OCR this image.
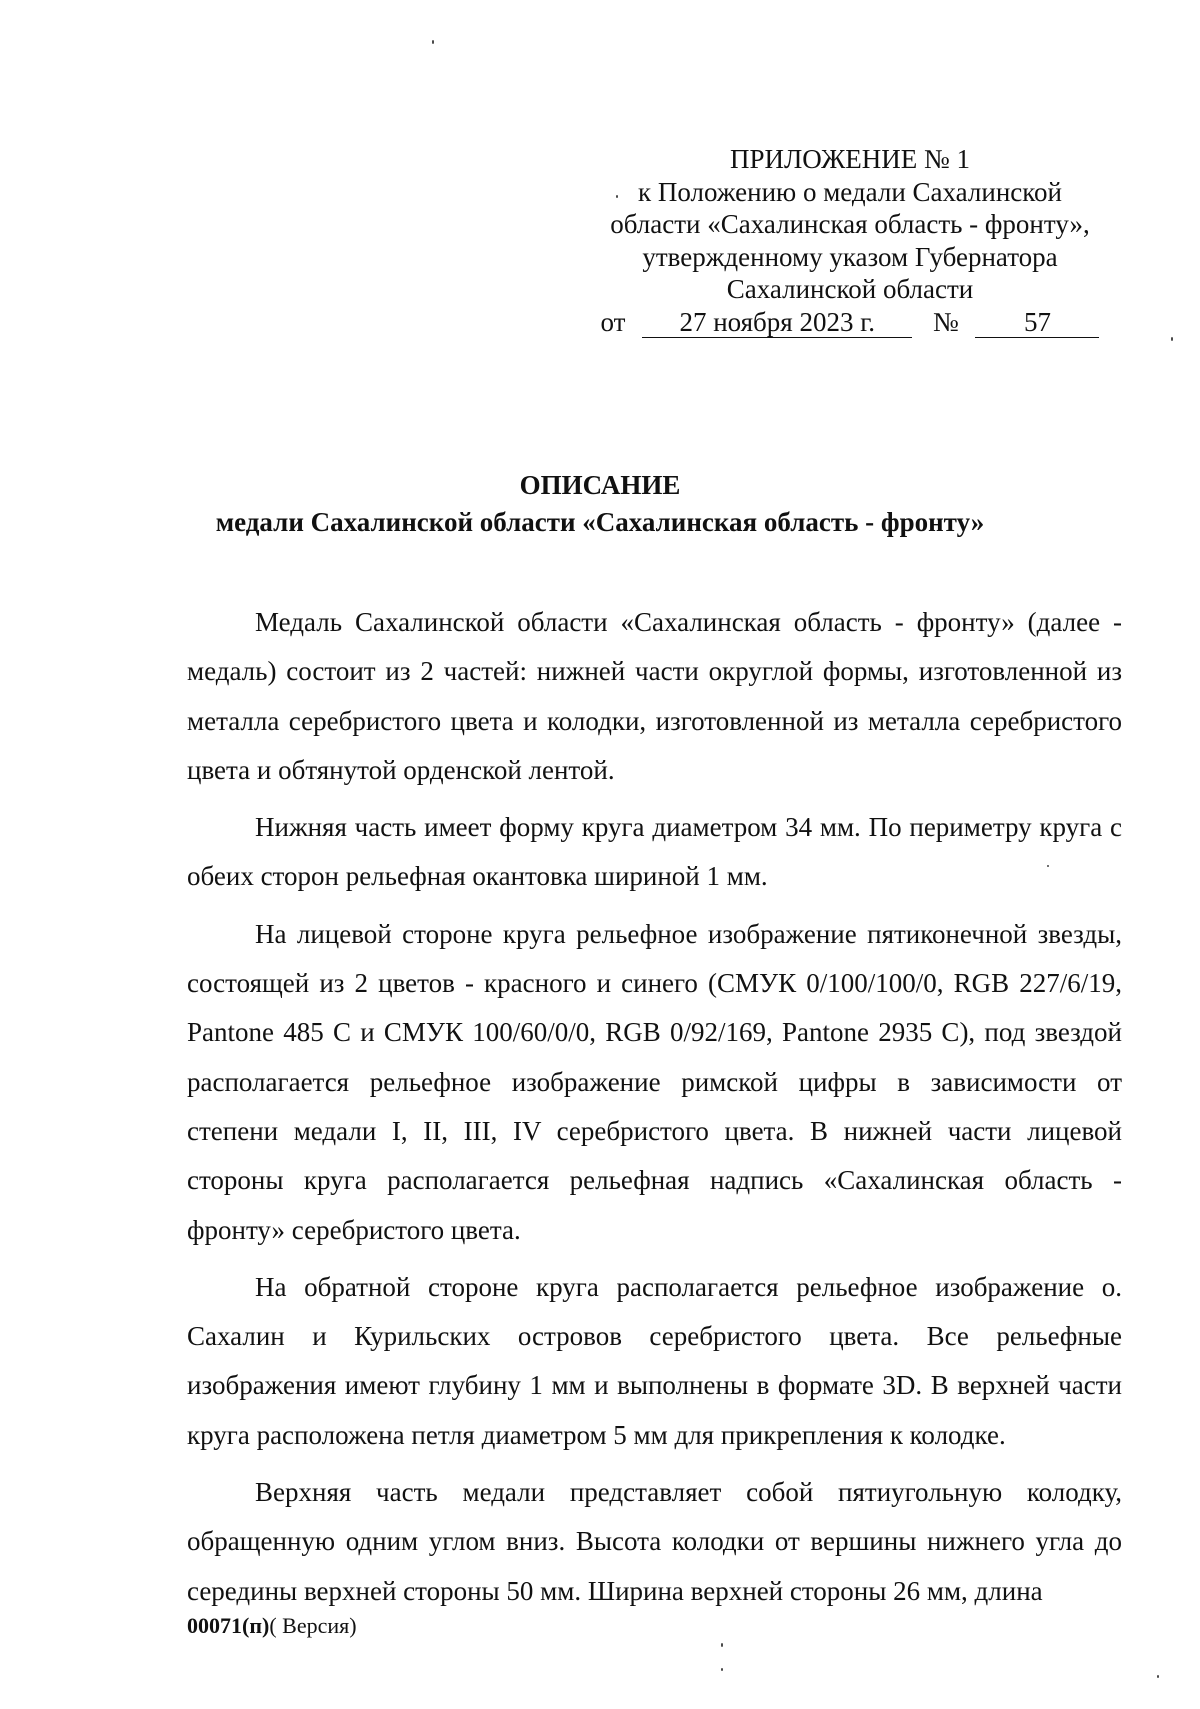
ПРИЛОЖЕНИЕ № 1
к Положению о медали Сахалинской
области «Сахалинская область - фронту»,
утвержденному указом Губернатора
Сахалинской области
от 27 ноября 2023 г. № 57
ОПИСАНИЕ
медали Сахалинской области «Сахалинская область - фронту»

Медаль Сахалинской области «Сахалинская область - фронту» (далее - медаль) состоит из 2 частей: нижней части округлой формы, изготовленной из металла серебристого цвета и колодки, изготовленной из металла серебристого цвета и обтянутой орденской лентой.

Нижняя часть имеет форму круга диаметром 34 мм. По периметру круга с обеих сторон рельефная окантовка шириной 1 мм.

На лицевой стороне круга рельефное изображение пятиконечной звезды, состоящей из 2 цветов - красного и синего (СМУК 0/100/100/0, RGB 227/6/19, Pantone 485 С и СМУК 100/60/0/0, RGB 0/92/169, Pantone 2935 С), под звездой располагается рельефное изображение римской цифры в зависимости от степени медали I, II, III, IV серебристого цвета. В нижней части лицевой стороны круга располагается рельефная надпись «Сахалинская область - фронту» серебристого цвета.

На обратной стороне круга располагается рельефное изображение о. Сахалин и Курильских островов серебристого цвета. Все рельефные изображения имеют глубину 1 мм и выполнены в формате 3D. В верхней части круга расположена петля диаметром 5 мм для прикрепления к колодке.

Верхняя часть медали представляет собой пятиугольную колодку, обращенную одним углом вниз. Высота колодки от вершины нижнего угла до середины верхней стороны 50 мм. Ширина верхней стороны 26 мм, длина

00071(п)( Версия)
